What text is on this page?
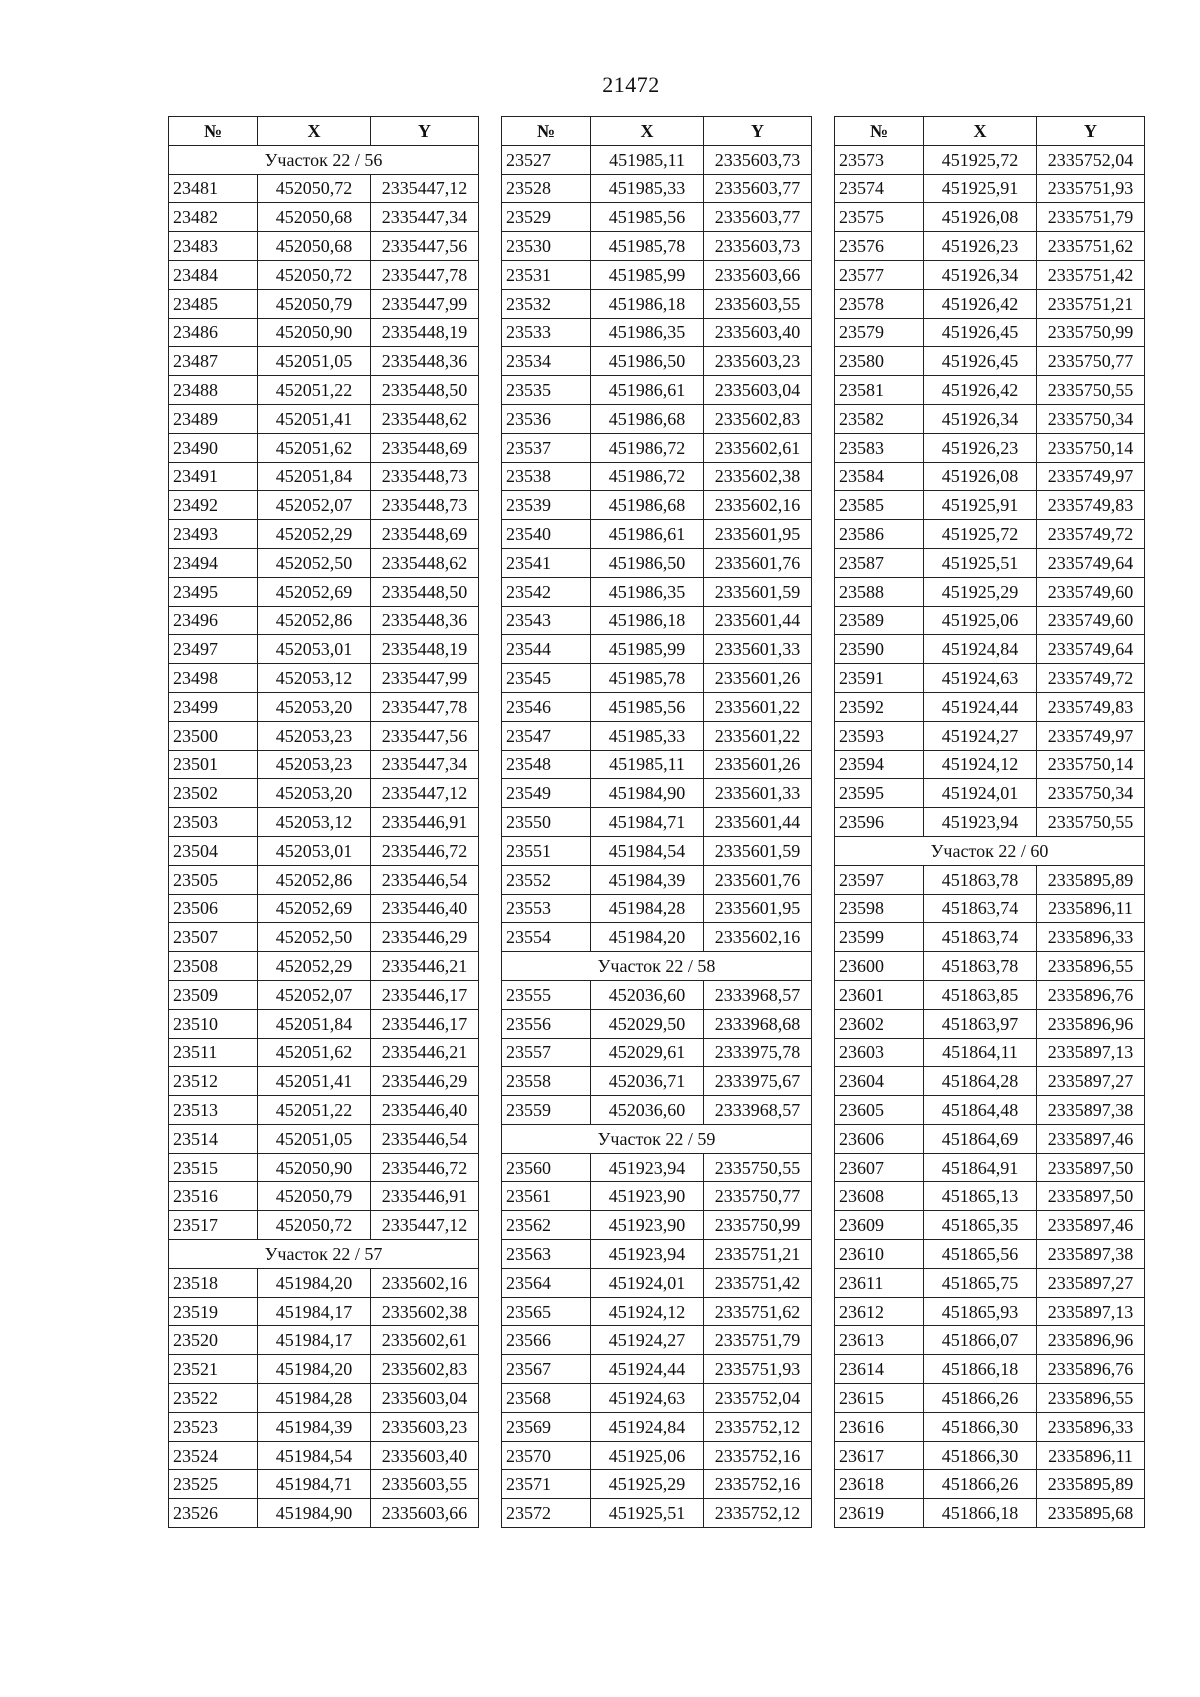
21472
№	X	Y
Участок 22 / 56		
23481	452050,72	2335447,12
23482	452050,68	2335447,34
23483	452050,68	2335447,56
23484	452050,72	2335447,78
23485	452050,79	2335447,99
23486	452050,90	2335448,19
23487	452051,05	2335448,36
23488	452051,22	2335448,50
23489	452051,41	2335448,62
23490	452051,62	2335448,69
23491	452051,84	2335448,73
23492	452052,07	2335448,73
23493	452052,29	2335448,69
23494	452052,50	2335448,62
23495	452052,69	2335448,50
23496	452052,86	2335448,36
23497	452053,01	2335448,19
23498	452053,12	2335447,99
23499	452053,20	2335447,78
23500	452053,23	2335447,56
23501	452053,23	2335447,34
23502	452053,20	2335447,12
23503	452053,12	2335446,91
23504	452053,01	2335446,72
23505	452052,86	2335446,54
23506	452052,69	2335446,40
23507	452052,50	2335446,29
23508	452052,29	2335446,21
23509	452052,07	2335446,17
23510	452051,84	2335446,17
23511	452051,62	2335446,21
23512	452051,41	2335446,29
23513	452051,22	2335446,40
23514	452051,05	2335446,54
23515	452050,90	2335446,72
23516	452050,79	2335446,91
23517	452050,72	2335447,12
Участок 22 / 57		
23518	451984,20	2335602,16
23519	451984,17	2335602,38
23520	451984,17	2335602,61
23521	451984,20	2335602,83
23522	451984,28	2335603,04
23523	451984,39	2335603,23
23524	451984,54	2335603,40
23525	451984,71	2335603,55
23526	451984,90	2335603,66
№	X	Y
23527	451985,11	2335603,73
23528	451985,33	2335603,77
23529	451985,56	2335603,77
23530	451985,78	2335603,73
23531	451985,99	2335603,66
23532	451986,18	2335603,55
23533	451986,35	2335603,40
23534	451986,50	2335603,23
23535	451986,61	2335603,04
23536	451986,68	2335602,83
23537	451986,72	2335602,61
23538	451986,72	2335602,38
23539	451986,68	2335602,16
23540	451986,61	2335601,95
23541	451986,50	2335601,76
23542	451986,35	2335601,59
23543	451986,18	2335601,44
23544	451985,99	2335601,33
23545	451985,78	2335601,26
23546	451985,56	2335601,22
23547	451985,33	2335601,22
23548	451985,11	2335601,26
23549	451984,90	2335601,33
23550	451984,71	2335601,44
23551	451984,54	2335601,59
23552	451984,39	2335601,76
23553	451984,28	2335601,95
23554	451984,20	2335602,16
Участок 22 / 58		
23555	452036,60	2333968,57
23556	452029,50	2333968,68
23557	452029,61	2333975,78
23558	452036,71	2333975,67
23559	452036,60	2333968,57
Участок 22 / 59		
23560	451923,94	2335750,55
23561	451923,90	2335750,77
23562	451923,90	2335750,99
23563	451923,94	2335751,21
23564	451924,01	2335751,42
23565	451924,12	2335751,62
23566	451924,27	2335751,79
23567	451924,44	2335751,93
23568	451924,63	2335752,04
23569	451924,84	2335752,12
23570	451925,06	2335752,16
23571	451925,29	2335752,16
23572	451925,51	2335752,12
№	X	Y
23573	451925,72	2335752,04
23574	451925,91	2335751,93
23575	451926,08	2335751,79
23576	451926,23	2335751,62
23577	451926,34	2335751,42
23578	451926,42	2335751,21
23579	451926,45	2335750,99
23580	451926,45	2335750,77
23581	451926,42	2335750,55
23582	451926,34	2335750,34
23583	451926,23	2335750,14
23584	451926,08	2335749,97
23585	451925,91	2335749,83
23586	451925,72	2335749,72
23587	451925,51	2335749,64
23588	451925,29	2335749,60
23589	451925,06	2335749,60
23590	451924,84	2335749,64
23591	451924,63	2335749,72
23592	451924,44	2335749,83
23593	451924,27	2335749,97
23594	451924,12	2335750,14
23595	451924,01	2335750,34
23596	451923,94	2335750,55
Участок 22 / 60		
23597	451863,78	2335895,89
23598	451863,74	2335896,11
23599	451863,74	2335896,33
23600	451863,78	2335896,55
23601	451863,85	2335896,76
23602	451863,97	2335896,96
23603	451864,11	2335897,13
23604	451864,28	2335897,27
23605	451864,48	2335897,38
23606	451864,69	2335897,46
23607	451864,91	2335897,50
23608	451865,13	2335897,50
23609	451865,35	2335897,46
23610	451865,56	2335897,38
23611	451865,75	2335897,27
23612	451865,93	2335897,13
23613	451866,07	2335896,96
23614	451866,18	2335896,76
23615	451866,26	2335896,55
23616	451866,30	2335896,33
23617	451866,30	2335896,11
23618	451866,26	2335895,89
23619	451866,18	2335895,68
